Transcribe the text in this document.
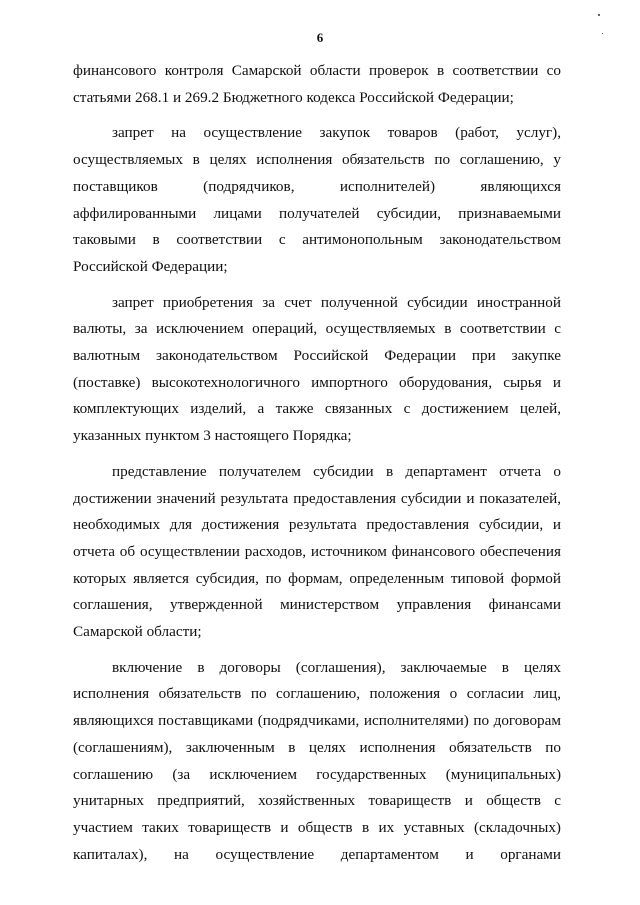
6
финансового контроля Самарской области проверок в соответствии со
статьями 268.1 и 269.2 Бюджетного кодекса Российской Федерации;
запрет на осуществление закупок товаров (работ, услуг),
осуществляемых в целях исполнения обязательств по соглашению, у
поставщиков (подрядчиков, исполнителей) являющихся
аффилированными лицами получателей субсидии, признаваемыми
таковыми в соответствии с антимонопольным законодательством
Российской Федерации;
запрет приобретения за счет полученной субсидии иностранной
валюты, за исключением операций, осуществляемых в соответствии с
валютным законодательством Российской Федерации при закупке
(поставке) высокотехнологичного импортного оборудования, сырья и
комплектующих изделий, а также связанных с достижением целей,
указанных пунктом 3 настоящего Порядка;
представление получателем субсидии в департамент отчета о
достижении значений результата предоставления субсидии и показателей,
необходимых для достижения результата предоставления субсидии, и
отчета об осуществлении расходов, источником финансового обеспечения
которых является субсидия, по формам, определенным типовой формой
соглашения, утвержденной министерством управления финансами
Самарской области;
включение в договоры (соглашения), заключаемые в целях
исполнения обязательств по соглашению, положения о согласии лиц,
являющихся поставщиками (подрядчиками, исполнителями) по договорам
(соглашениям), заключенным в целях исполнения обязательств по
соглашению (за исключением государственных (муниципальных)
унитарных предприятий, хозяйственных товариществ и обществ с
участием таких товариществ и обществ в их уставных (складочных)
капиталах), на осуществление департаментом и органами
